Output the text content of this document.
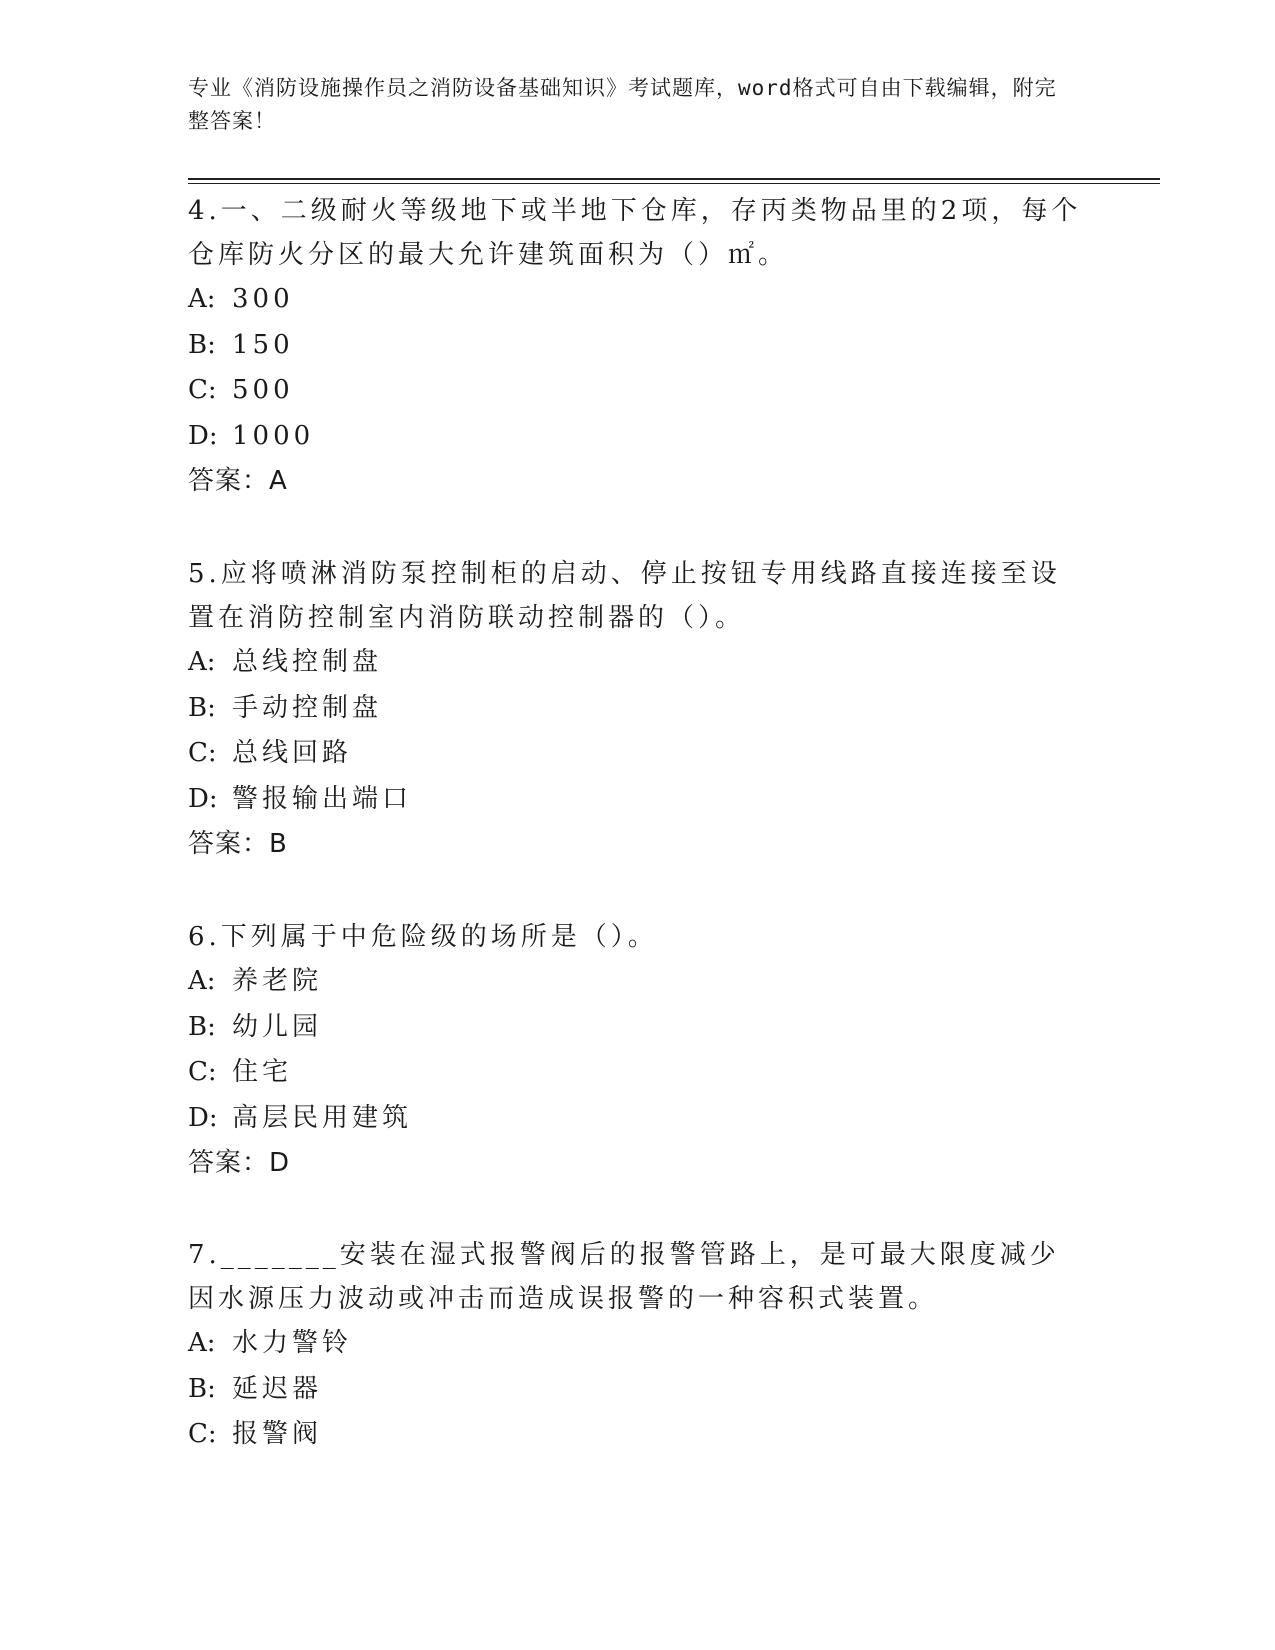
专业《消防设施操作员之消防设备基础知识》考试题库，word格式可自由下载编辑，附完整答案！

4.一、二级耐火等级地下或半地下仓库，存丙类物品里的2项，每个仓库防火分区的最大允许建筑面积为（）㎡。

A: 300

B: 150

C: 500

D: 1000

答案：A

5.应将喷淋消防泵控制柜的启动、停止按钮专用线路直接连接至设置在消防控制室内消防联动控制器的（）。

A: 总线控制盘

B: 手动控制盘

C: 总线回路

D: 警报输出端口

答案：B

6.下列属于中危险级的场所是（）。

A: 养老院

B: 幼儿园

C: 住宅

D: 高层民用建筑

答案：D

7._______安装在湿式报警阀后的报警管路上，是可最大限度减少因水源压力波动或冲击而造成误报警的一种容积式装置。

A: 水力警铃

B: 延迟器

C: 报警阀
